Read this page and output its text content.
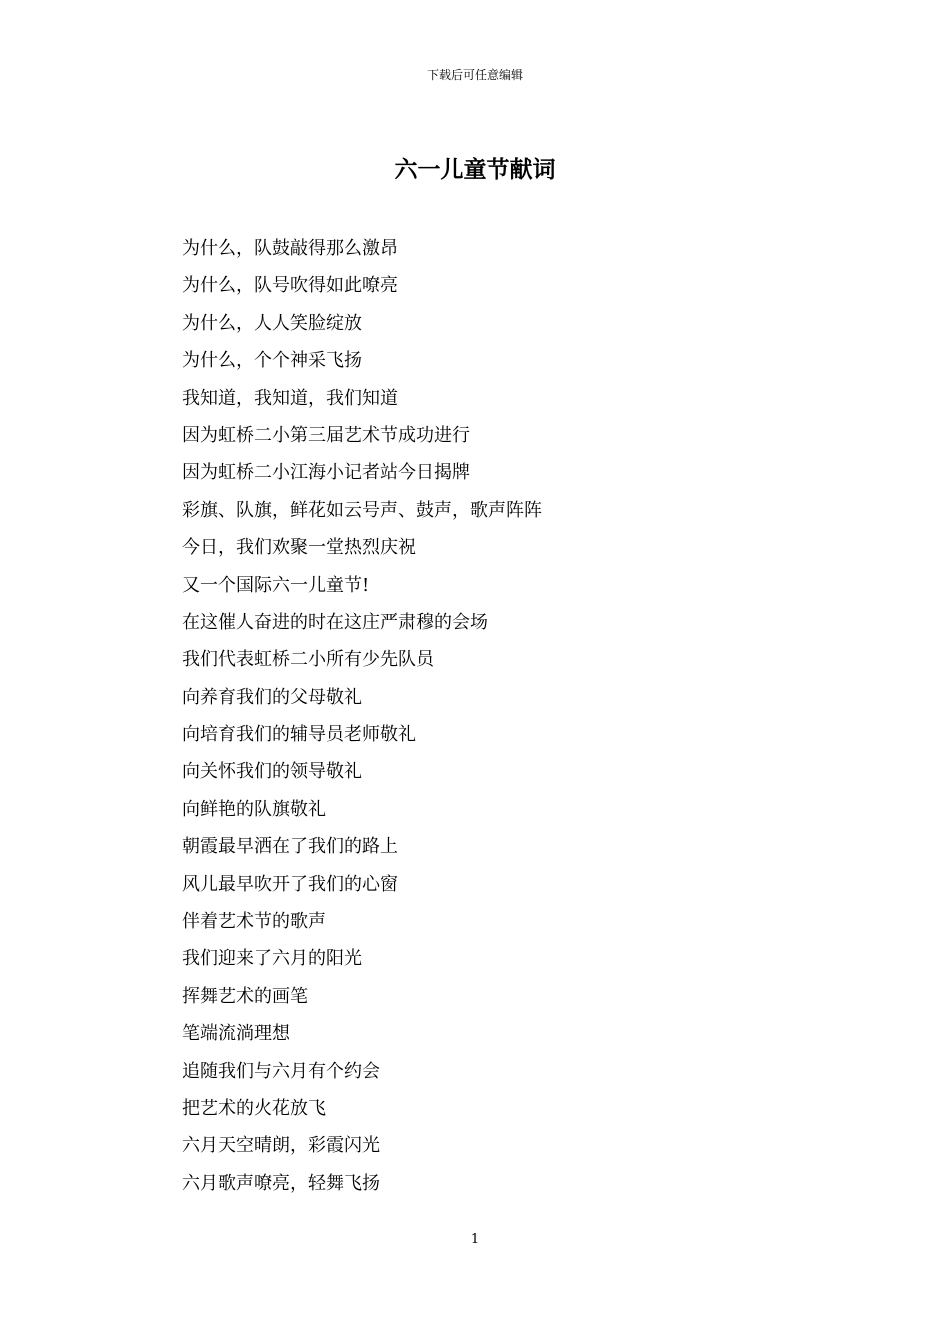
下载后可任意编辑
六一儿童节献词
为什么，队鼓敲得那么激昂
为什么，队号吹得如此嘹亮
为什么，人人笑脸绽放
为什么，个个神采飞扬
我知道，我知道，我们知道
因为虹桥二小第三届艺术节成功进行
因为虹桥二小江海小记者站今日揭牌
彩旗、队旗，鲜花如云号声、鼓声，歌声阵阵
今日，我们欢聚一堂热烈庆祝
又一个国际六一儿童节!
在这催人奋进的时在这庄严肃穆的会场
我们代表虹桥二小所有少先队员
向养育我们的父母敬礼
向培育我们的辅导员老师敬礼
向关怀我们的领导敬礼
向鲜艳的队旗敬礼
朝霞最早洒在了我们的路上
风儿最早吹开了我们的心窗
伴着艺术节的歌声
我们迎来了六月的阳光
挥舞艺术的画笔
笔端流淌理想
追随我们与六月有个约会
把艺术的火花放飞
六月天空晴朗，彩霞闪光
六月歌声嘹亮，轻舞飞扬
1
